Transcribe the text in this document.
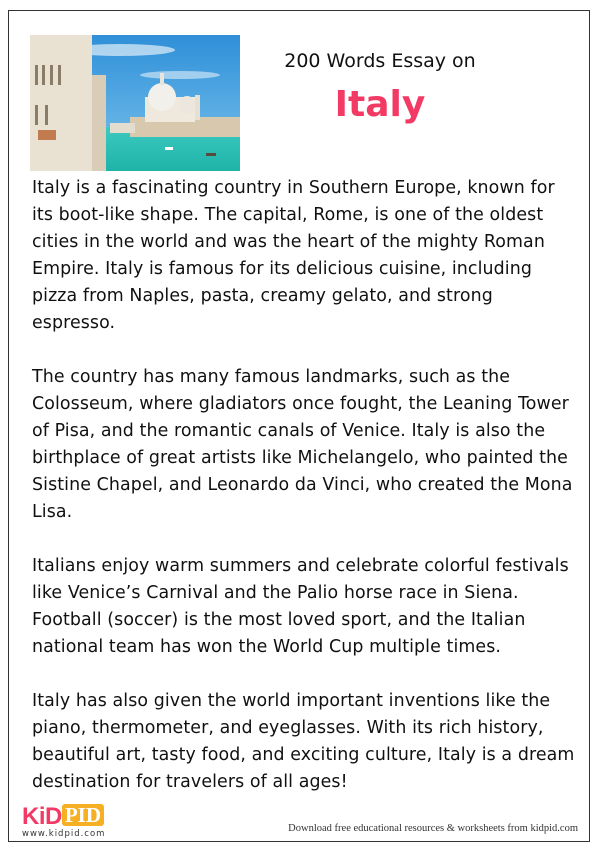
200 Words Essay on
Italy

Italy is a fascinating country in Southern Europe, known for its boot-like shape. The capital, Rome, is one of the oldest cities in the world and was the heart of the mighty Roman Empire. Italy is famous for its delicious cuisine, including pizza from Naples, pasta, creamy gelato, and strong espresso.

The country has many famous landmarks, such as the Colosseum, where gladiators once fought, the Leaning Tower of Pisa, and the romantic canals of Venice. Italy is also the birthplace of great artists like Michelangelo, who painted the Sistine Chapel, and Leonardo da Vinci, who created the Mona Lisa.

Italians enjoy warm summers and celebrate colorful festivals like Venice’s Carnival and the Palio horse race in Siena. Football (soccer) is the most loved sport, and the Italian national team has won the World Cup multiple times.

Italy has also given the world important inventions like the piano, thermometer, and eyeglasses. With its rich history, beautiful art, tasty food, and exciting culture, Italy is a dream destination for travelers of all ages!

KiD PID
www.kidpid.com	Download free educational resources & worksheets from kidpid.com
